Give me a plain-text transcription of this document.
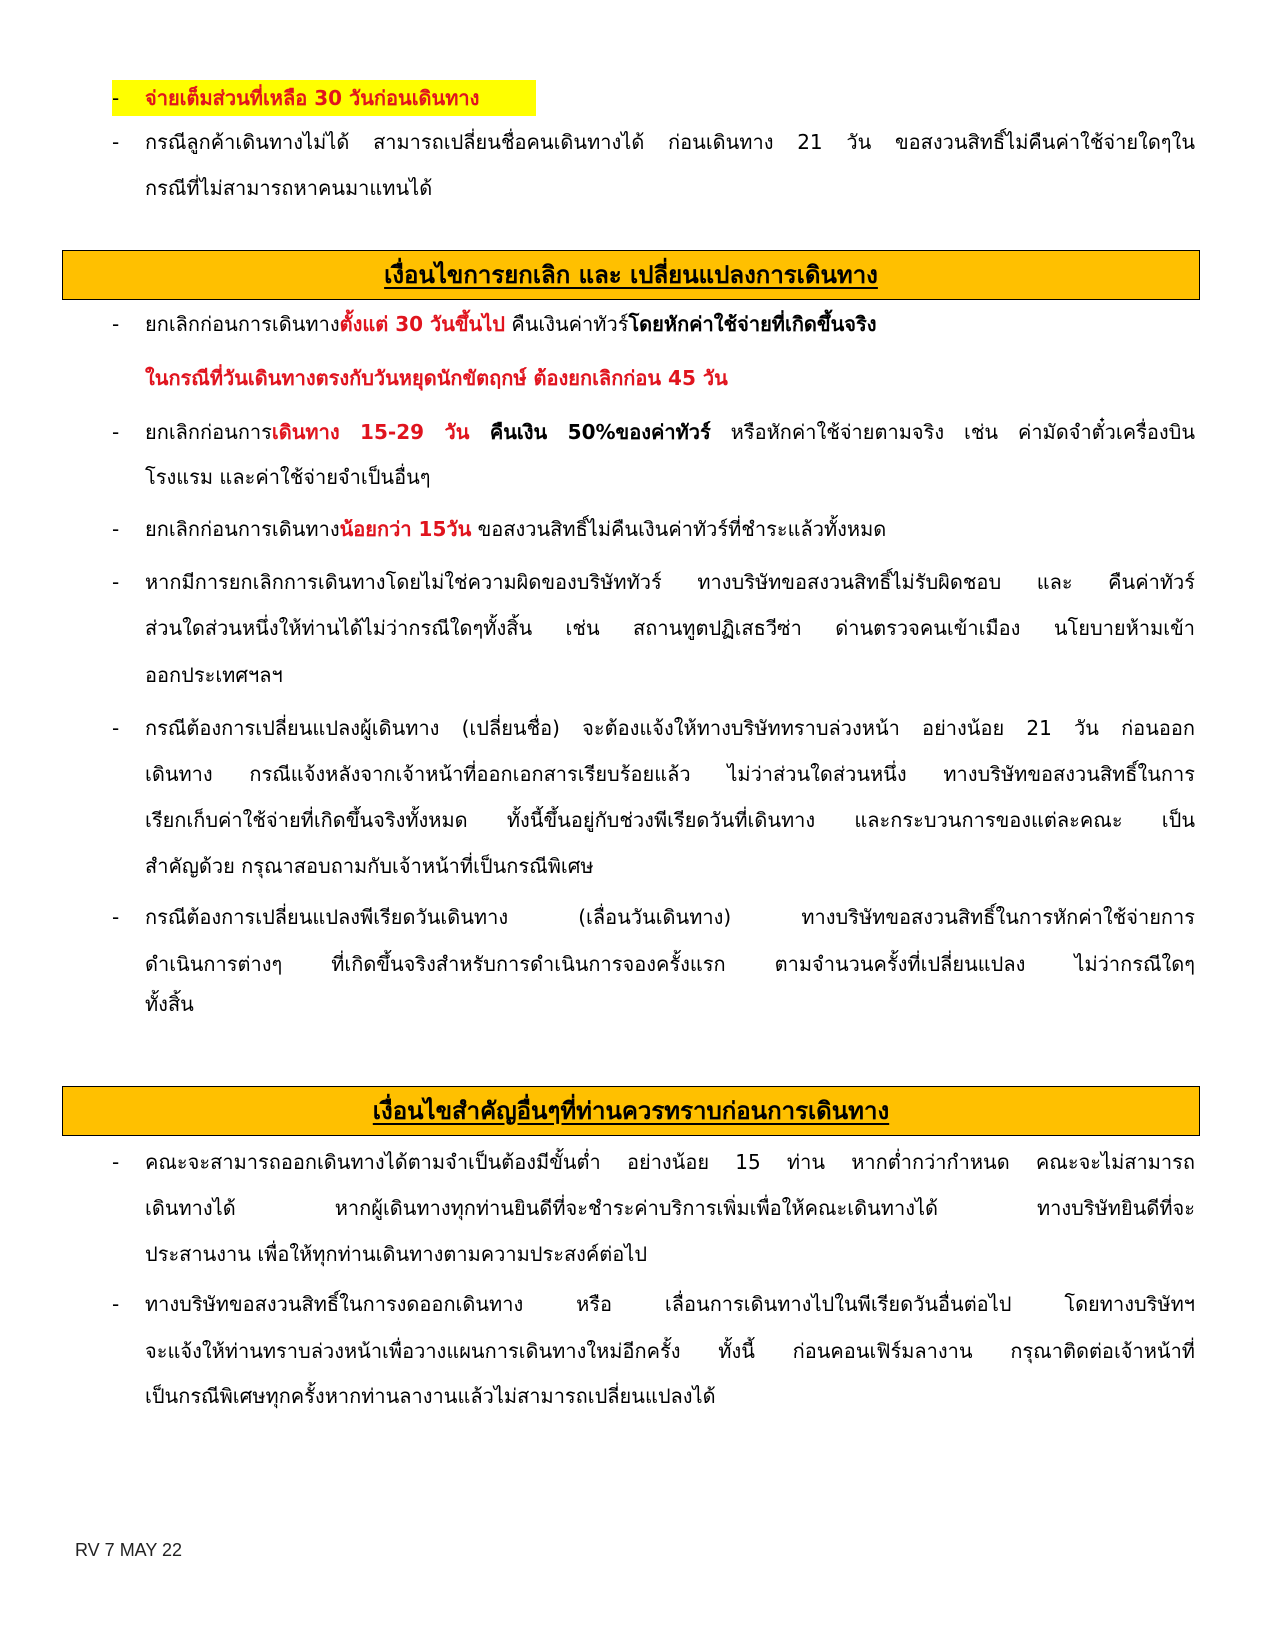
- จ่ายเต็มส่วนที่เหลือ 30 วันก่อนเดินทาง
- กรณีลูกค้าเดินทางไม่ได้ สามารถเปลี่ยนชื่อคนเดินทางได้ ก่อนเดินทาง 21 วัน ขอสงวนสิทธิ์ไม่คืนค่าใช้จ่ายใดๆใน
กรณีที่ไม่สามารถหาคนมาแทนได้
เงื่อนไขการยกเลิก และ เปลี่ยนแปลงการเดินทาง
- ยกเลิกก่อนการเดินทางตั้งแต่ 30 วันขึ้นไป คืนเงินค่าทัวร์โดยหักค่าใช้จ่ายที่เกิดขึ้นจริง
ในกรณีที่วันเดินทางตรงกับวันหยุดนักขัตฤกษ์ ต้องยกเลิกก่อน 45 วัน
- ยกเลิกก่อนการเดินทาง 15-29 วัน คืนเงิน 50%ของค่าทัวร์ หรือหักค่าใช้จ่ายตามจริง เช่น ค่ามัดจำตั๋วเครื่องบิน
โรงแรม และค่าใช้จ่ายจำเป็นอื่นๆ
- ยกเลิกก่อนการเดินทางน้อยกว่า 15วัน ขอสงวนสิทธิ์ไม่คืนเงินค่าทัวร์ที่ชำระแล้วทั้งหมด
- หากมีการยกเลิกการเดินทางโดยไม่ใช่ความผิดของบริษัททัวร์ ทางบริษัทขอสงวนสิทธิ์ไม่รับผิดชอบ และ คืนค่าทัวร์
ส่วนใดส่วนหนึ่งให้ท่านได้ไม่ว่ากรณีใดๆทั้งสิ้น เช่น สถานทูตปฏิเสธวีซ่า ด่านตรวจคนเข้าเมือง นโยบายห้ามเข้า
ออกประเทศฯลฯ
- กรณีต้องการเปลี่ยนแปลงผู้เดินทาง (เปลี่ยนชื่อ) จะต้องแจ้งให้ทางบริษัททราบล่วงหน้า อย่างน้อย 21 วัน ก่อนออก
เดินทาง กรณีแจ้งหลังจากเจ้าหน้าที่ออกเอกสารเรียบร้อยแล้ว ไม่ว่าส่วนใดส่วนหนึ่ง ทางบริษัทขอสงวนสิทธิ์ในการ
เรียกเก็บค่าใช้จ่ายที่เกิดขึ้นจริงทั้งหมด ทั้งนี้ขึ้นอยู่กับช่วงพีเรียดวันที่เดินทาง และกระบวนการของแต่ละคณะ เป็น
สำคัญด้วย กรุณาสอบถามกับเจ้าหน้าที่เป็นกรณีพิเศษ
- กรณีต้องการเปลี่ยนแปลงพีเรียดวันเดินทาง (เลื่อนวันเดินทาง) ทางบริษัทขอสงวนสิทธิ์ในการหักค่าใช้จ่ายการ
ดำเนินการต่างๆ ที่เกิดขึ้นจริงสำหรับการดำเนินการจองครั้งแรก ตามจำนวนครั้งที่เปลี่ยนแปลง ไม่ว่ากรณีใดๆ
ทั้งสิ้น
เงื่อนไขสำคัญอื่นๆที่ท่านควรทราบก่อนการเดินทาง
- คณะจะสามารถออกเดินทางได้ตามจำเป็นต้องมีขั้นต่ำ อย่างน้อย 15 ท่าน หากต่ำกว่ากำหนด คณะจะไม่สามารถ
เดินทางได้ หากผู้เดินทางทุกท่านยินดีที่จะชำระค่าบริการเพิ่มเพื่อให้คณะเดินทางได้ ทางบริษัทยินดีที่จะ
ประสานงาน เพื่อให้ทุกท่านเดินทางตามความประสงค์ต่อไป
- ทางบริษัทขอสงวนสิทธิ์ในการงดออกเดินทาง หรือ เลื่อนการเดินทางไปในพีเรียดวันอื่นต่อไป โดยทางบริษัทฯ
จะแจ้งให้ท่านทราบล่วงหน้าเพื่อวางแผนการเดินทางใหม่อีกครั้ง ทั้งนี้ ก่อนคอนเฟิร์มลางาน กรุณาติดต่อเจ้าหน้าที่
เป็นกรณีพิเศษทุกครั้งหากท่านลางานแล้วไม่สามารถเปลี่ยนแปลงได้
RV 7 MAY 22
